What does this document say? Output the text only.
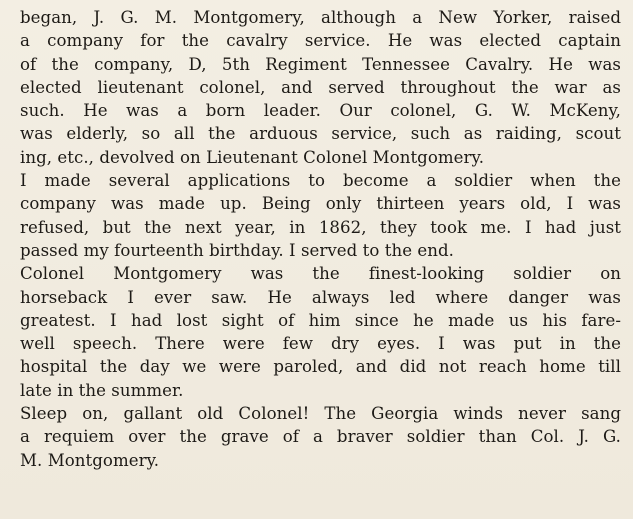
began, J. G. M. Montgomery, although a New Yorker, raised
a company for the cavalry service. He was elected captain
of the company, D, 5th Regiment Tennessee Cavalry. He was
elected lieutenant colonel, and served throughout the war as
such. He was a born leader. Our colonel, G. W. McKeny,
was elderly, so all the arduous service, such as raiding, scout
ing, etc., devolved on Lieutenant Colonel Montgomery.
I made several applications to become a soldier when the
company was made up. Being only thirteen years old, I was
refused, but the next year, in 1862, they took me. I had just
passed my fourteenth birthday. I served to the end.
Colonel Montgomery was the finest-looking soldier on
horseback I ever saw. He always led where danger was
greatest. I had lost sight of him since he made us his fare-
well speech. There were few dry eyes. I was put in the
hospital the day we were paroled, and did not reach home till
late in the summer.
Sleep on, gallant old Colonel! The Georgia winds never sang
a requiem over the grave of a braver soldier than Col. J. G.
M. Montgomery.
